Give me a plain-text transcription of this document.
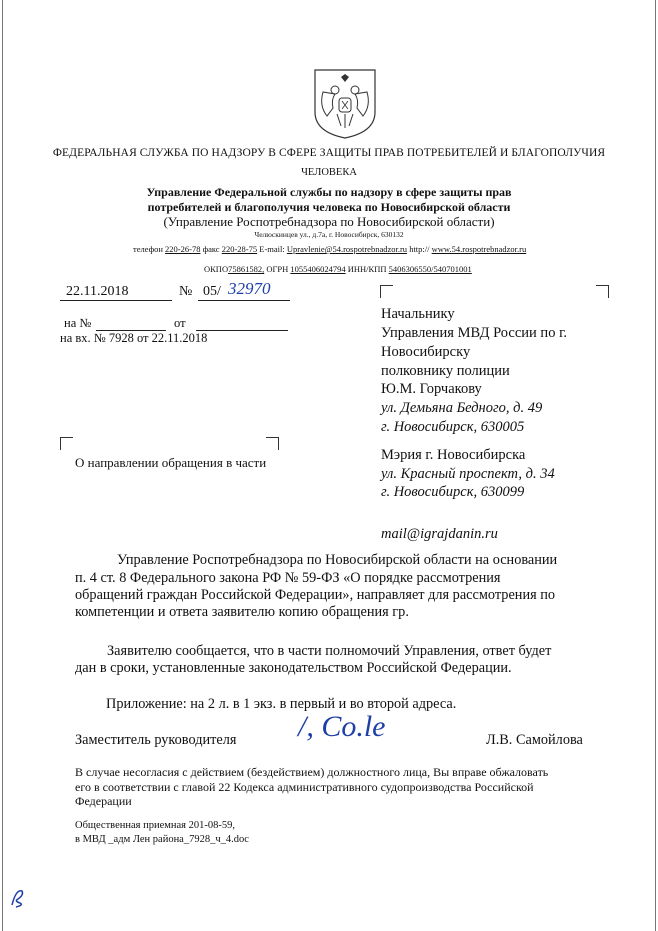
ФЕДЕРАЛЬНАЯ СЛУЖБА ПО НАДЗОРУ В СФЕРЕ ЗАЩИТЫ ПРАВ ПОТРЕБИТЕЛЕЙ И БЛАГОПОЛУЧИЯ
ЧЕЛОВЕКА
Управление Федеральной службы по надзору в сфере защиты прав
потребителей и благополучия человека по Новосибирской области
(Управление Роспотребнадзора по Новосибирской области)
Челюскинцев ул., д.7а, г. Новосибирск, 630132
телефон 220-26-78 факс 220-28-75 E-mail: Upravlenie@54.rospotrebnadzor.ru http:// www.54.rospotrebnadzor.ru
ОКПО75861582, ОГРН 1055406024794 ИНН/КПП 5406306550/540701001
22.11.2018	№ 05/ 32970
на №	от
на вх. № 7928 от 22.11.2018
Начальнику
Управления МВД России по г.
Новосибирску
полковнику полиции
Ю.М. Горчакову
ул. Демьяна Бедного, д. 49
г. Новосибирск, 630005
Мэрия г. Новосибирска
ул. Красный проспект, д. 34
г. Новосибирск, 630099
mail@igrajdanin.ru
О направлении обращения в части
Управление Роспотребнадзора по Новосибирской области на основании
п. 4 ст. 8 Федерального закона РФ № 59-ФЗ «О порядке рассмотрения
обращений граждан Российской Федерации», направляет для рассмотрения по
компетенции и ответа заявителю копию обращения гр.
Заявителю сообщается, что в части полномочий Управления, ответ будет
дан в сроки, установленные законодательством Российской Федерации.
Приложение: на 2 л. в 1 экз. в первый и во второй адреса.
Заместитель руководителя /, Co.le	Л.В. Самойлова
В случае несогласия с действием (бездействием) должностного лица, Вы вправе обжаловать
его в соответствии с главой 22 Кодекса административного судопроизводства Российской
Федерации
Общественная приемная 201-08-59,
в МВД _адм Лен района_7928_ч_4.doc
